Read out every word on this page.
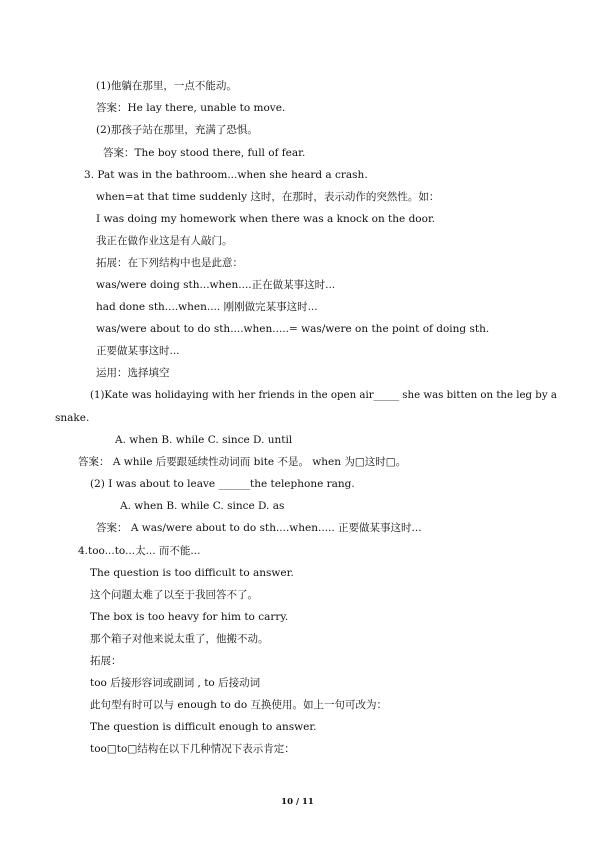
(1)他躺在那里，一点不能动。
答案：He lay there, unable to move.
(2)那孩子站在那里，充满了恐惧。
答案：The boy stood there, full of fear.
3. Pat was in the bathroom...when she heard a crash.
when=at that time suddenly 这时，在那时，表示动作的突然性。如：
I was doing my homework when there was a knock on the door.
我正在做作业这是有人敲门。
拓展：在下列结构中也是此意：
was/were doing sth...when....正在做某事这时...
had done sth....when.... 刚刚做完某事这时...
was/were about to do sth....when.....= was/were on the point of doing sth.
正要做某事这时...
运用：选择填空
(1)Kate was holidaying with her friends in the open air_____ she was bitten on the leg by a
snake.
A. when B. while C. since D. until
答案： A while 后要跟延续性动词而 bite 不是。 when 为□这时□。
(2) I was about to leave ______the telephone rang.
A. when B. while C. since D. as
答案： A was/were about to do sth....when..... 正要做某事这时...
4.too...to...太... 而不能...
The question is too difficult to answer.
这个问题太难了以至于我回答不了。
The box is too heavy for him to carry.
那个箱子对他来说太重了，他搬不动。
拓展：
too 后接形容词或副词 , to 后接动词
此句型有时可以与 enough to do 互换使用。如上一句可改为：
The question is difficult enough to answer.
too□to□结构在以下几种情况下表示肯定：
10 / 11
